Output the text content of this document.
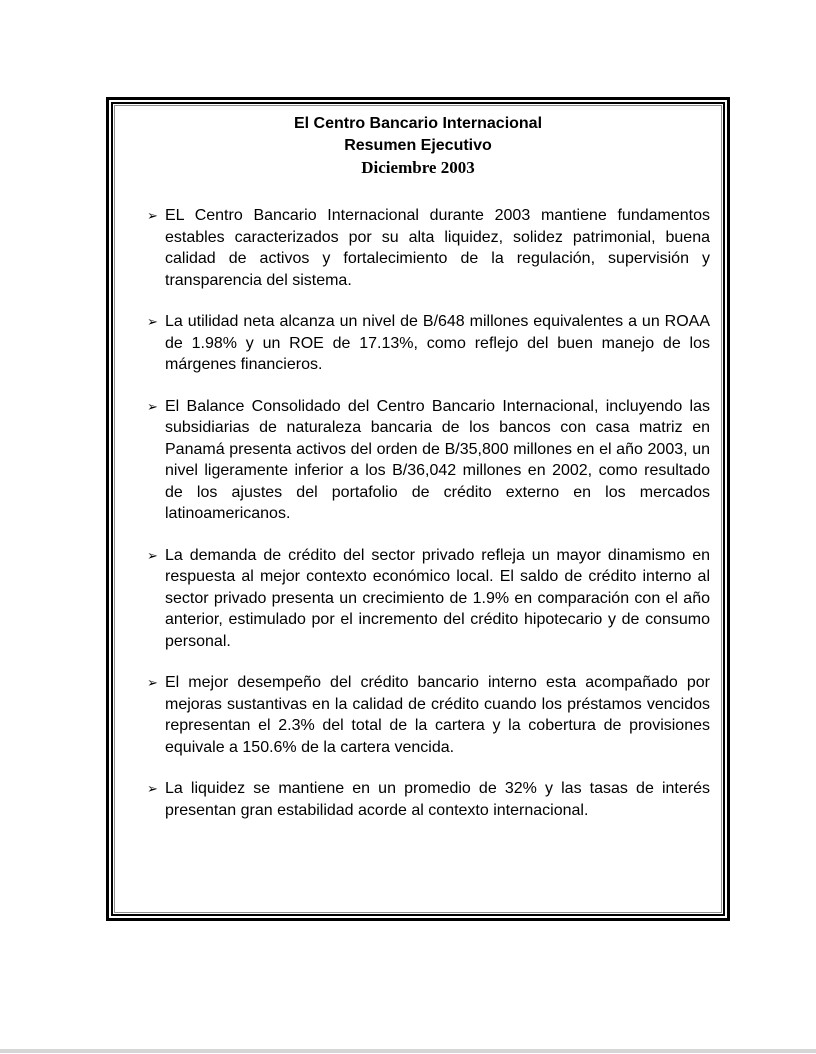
El Centro Bancario Internacional
Resumen Ejecutivo
Diciembre 2003
➢ EL Centro Bancario Internacional durante 2003 mantiene fundamentos estables caracterizados por su alta liquidez, solidez patrimonial, buena calidad de activos y fortalecimiento de la regulación, supervisión y transparencia del sistema.
➢ La utilidad neta alcanza un nivel de B/648 millones equivalentes a un ROAA de 1.98% y un ROE de 17.13%, como reflejo del buen manejo de los márgenes financieros.
➢ El Balance Consolidado del Centro Bancario Internacional, incluyendo las subsidiarias de naturaleza bancaria de los bancos con casa matriz en Panamá presenta activos del orden de B/35,800 millones en el año 2003, un nivel ligeramente inferior a los B/36,042 millones en 2002, como resultado de los ajustes del portafolio de crédito externo en los mercados latinoamericanos.
➢ La demanda de crédito del sector privado refleja un mayor dinamismo en respuesta al mejor contexto económico local. El saldo de crédito interno al sector privado presenta un crecimiento de 1.9% en comparación con el año anterior, estimulado por el incremento del crédito hipotecario y de consumo personal.
➢ El mejor desempeño del crédito bancario interno esta acompañado por mejoras sustantivas en la calidad de crédito cuando los préstamos vencidos representan el 2.3% del total de la cartera y la cobertura de provisiones equivale a 150.6% de la cartera vencida.
➢ La liquidez se mantiene en un promedio de 32% y las tasas de interés presentan gran estabilidad acorde al contexto internacional.
